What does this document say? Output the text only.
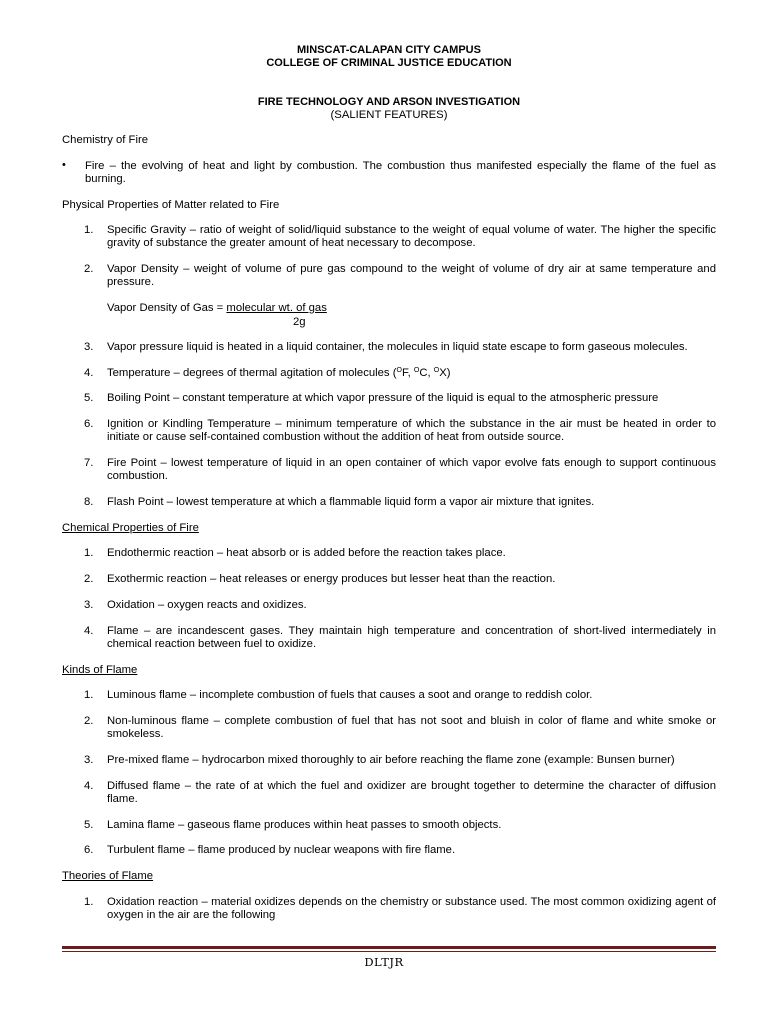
MINSCAT-CALAPAN CITY CAMPUS
COLLEGE OF CRIMINAL JUSTICE EDUCATION
FIRE TECHNOLOGY AND ARSON INVESTIGATION
(SALIENT FEATURES)
Chemistry of Fire
• Fire – the evolving of heat and light by combustion. The combustion thus manifested especially the flame of the fuel as burning.
Physical Properties of Matter related to Fire
1.	Specific Gravity – ratio of weight of solid/liquid substance to the weight of equal volume of water. The higher the specific gravity of substance the greater amount of heat necessary to decompose.
2.	Vapor Density – weight of volume of pure gas compound to the weight of volume of dry air at same temperature and pressure.
Vapor Density of Gas = molecular wt. of gas
2g
3.	Vapor pressure liquid is heated in a liquid container, the molecules in liquid state escape to form gaseous molecules.
4.	Temperature – degrees of thermal agitation of molecules ($^O$F, $^O$C, $^O$X)
5.	Boiling Point – constant temperature at which vapor pressure of the liquid is equal to the atmospheric pressure
6.	Ignition or Kindling Temperature – minimum temperature of which the substance in the air must be heated in order to initiate or cause self-contained combustion without the addition of heat from outside source.
7.	Fire Point – lowest temperature of liquid in an open container of which vapor evolve fats enough to support continuous combustion.
8.	Flash Point – lowest temperature at which a flammable liquid form a vapor air mixture that ignites.
Chemical Properties of Fire
1.	Endothermic reaction – heat absorb or is added before the reaction takes place.
2.	Exothermic reaction – heat releases or energy produces but lesser heat than the reaction.
3.	Oxidation – oxygen reacts and oxidizes.
4.	Flame – are incandescent gases. They maintain high temperature and concentration of short-lived intermediately in chemical reaction between fuel to oxidize.
Kinds of Flame
1.	Luminous flame – incomplete combustion of fuels that causes a soot and orange to reddish color.
2.	Non-luminous flame – complete combustion of fuel that has not soot and bluish in color of flame and white smoke or smokeless.
3.	Pre-mixed flame – hydrocarbon mixed thoroughly to air before reaching the flame zone (example: Bunsen burner)
4.	Diffused flame – the rate of at which the fuel and oxidizer are brought together to determine the character of diffusion flame.
5.	Lamina flame – gaseous flame produces within heat passes to smooth objects.
6.	Turbulent flame – flame produced by nuclear weapons with fire flame.
Theories of Flame
1.	Oxidation reaction – material oxidizes depends on the chemistry or substance used. The most common oxidizing agent of oxygen in the air are the following
DLTJR
